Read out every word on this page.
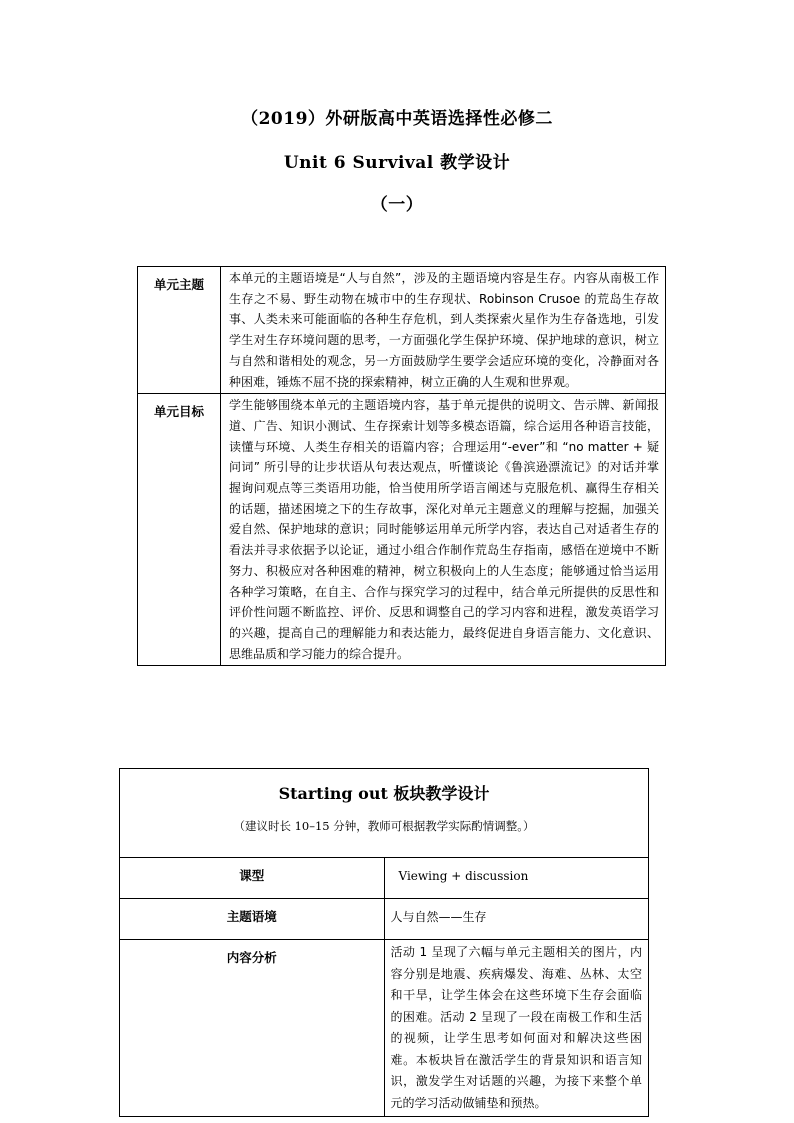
（2019）外研版高中英语选择性必修二
Unit 6 Survival 教学设计
（一）
单元主题	本单元的主题语境是“人与自然”，涉及的主题语境内容是生存。内容从南极工作生存之不易、野生动物在城市中的生存现状、Robinson Crusoe 的荒岛生存故事、人类未来可能面临的各种生存危机，到人类探索火星作为生存备选地，引发学生对生存环境问题的思考，一方面强化学生保护环境、保护地球的意识，树立与自然和谐相处的观念，另一方面鼓励学生要学会适应环境的变化，冷静面对各种困难，锤炼不屈不挠的探索精神，树立正确的人生观和世界观。
单元目标	学生能够围绕本单元的主题语境内容，基于单元提供的说明文、告示牌、新闻报道、广告、知识小测试、生存探索计划等多模态语篇，综合运用各种语言技能，读懂与环境、人类生存相关的语篇内容；合理运用“-ever”和 “no matter + 疑问词” 所引导的让步状语从句表达观点，听懂谈论《鲁滨逊漂流记》的对话并掌握询问观点等三类语用功能，恰当使用所学语言阐述与克服危机、赢得生存相关的话题，描述困境之下的生存故事，深化对单元主题意义的理解与挖掘，加强关爱自然、保护地球的意识；同时能够运用单元所学内容，表达自己对适者生存的看法并寻求依据予以论证，通过小组合作制作荒岛生存指南，感悟在逆境中不断努力、积极应对各种困难的精神，树立积极向上的人生态度；能够通过恰当运用各种学习策略，在自主、合作与探究学习的过程中，结合单元所提供的反思性和评价性问题不断监控、评价、反思和调整自己的学习内容和进程，激发英语学习的兴趣，提高自己的理解能力和表达能力，最终促进自身语言能力、文化意识、思维品质和学习能力的综合提升。
Starting out 板块教学设计
（建议时长 10–15 分钟，教师可根据教学实际酌情调整。）	

课型	Viewing + discussion
主题语境	人与自然——生存
内容分析	活动 1 呈现了六幅与单元主题相关的图片，内容分别是地震、疾病爆发、海难、丛林、太空和干旱，让学生体会在这些环境下生存会面临的困难。活动 2 呈现了一段在南极工作和生活的视频，让学生思考如何面对和解决这些困难。本板块旨在激活学生的背景知识和语言知识，激发学生对话题的兴趣，为接下来整个单元的学习活动做铺垫和预热。
